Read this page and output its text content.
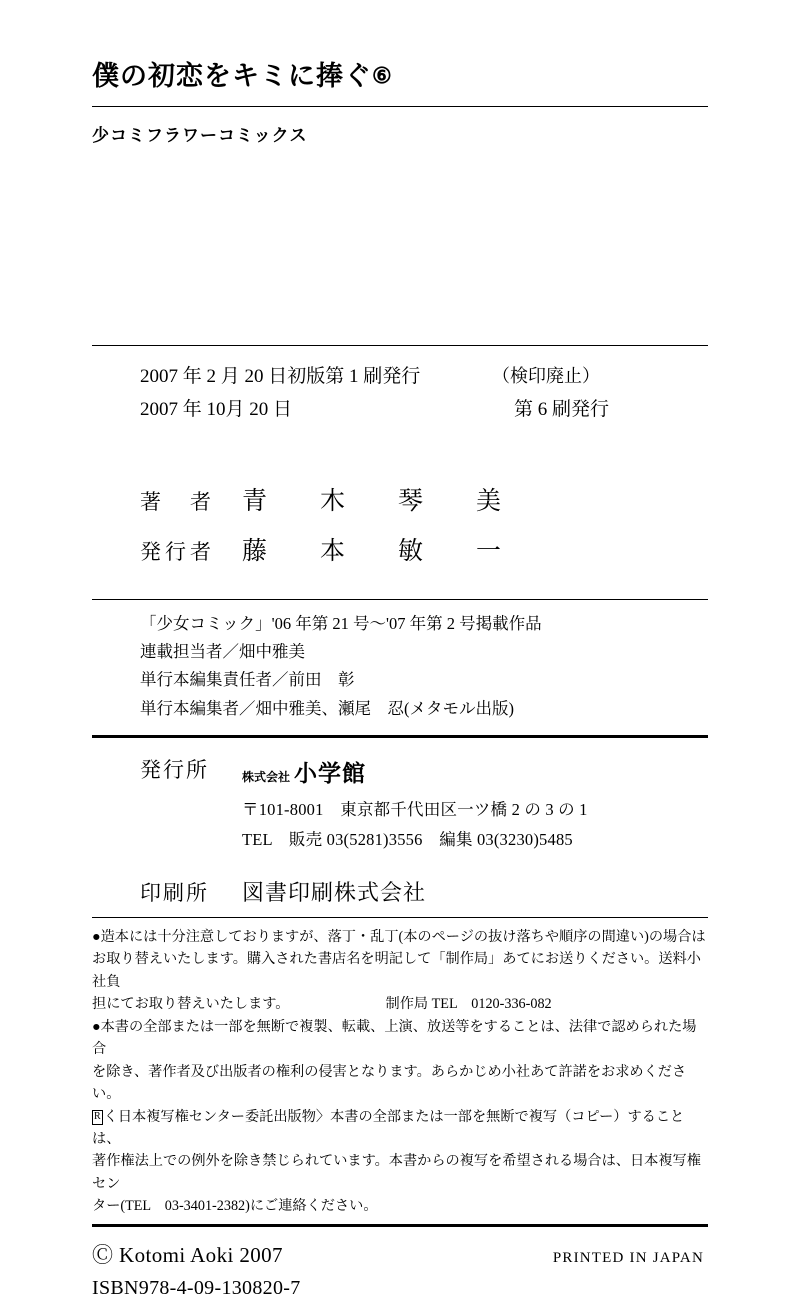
僕の初恋をキミに捧ぐ⑥
少コミフラワーコミックス
2007 年 2 月 20 日初版第 1 刷発行	（検印廃止）
2007 年 10月 20 日	第 6 刷発行
著　者	青　木　琴　美
発行者	藤　本　敏　一
「少女コミック」'06 年第 21 号〜'07 年第 2 号掲載作品
連載担当者／畑中雅美
単行本編集責任者／前田　彰
単行本編集者／畑中雅美、瀬尾　忍(メタモル出版)
発行所	株式会社 小学館
〒101-8001　東京都千代田区一ツ橋 2 の 3 の 1
TEL　販売 03(5281)3556　編集 03(3230)5485
印刷所	図書印刷株式会社

●造本には十分注意しておりますが、落丁・乱丁(本のページの抜け落ちや順序の間違い)の場合は

お取り替えいたします。購入された書店名を明記して「制作局」あてにお送りください。送料小社負

担にてお取り替えいたします。	制作局 TEL　0120-336-082

●本書の全部または一部を無断で複製、転載、上演、放送等をすることは、法律で認められた場合

を除き、著作者及び出版者の権利の侵害となります。あらかじめ小社あて許諾をお求めください。

R く日本複写権センター委託出版物〉本書の全部または一部を無断で複写（コピー）することは、

著作権法上での例外を除き禁じられています。本書からの複写を希望される場合は、日本複写権セン

ター(TEL　03-3401-2382)にご連絡ください。

Ⓒ Kotomi Aoki 2007	PRINTED IN JAPAN
ISBN978-4-09-130820-7
